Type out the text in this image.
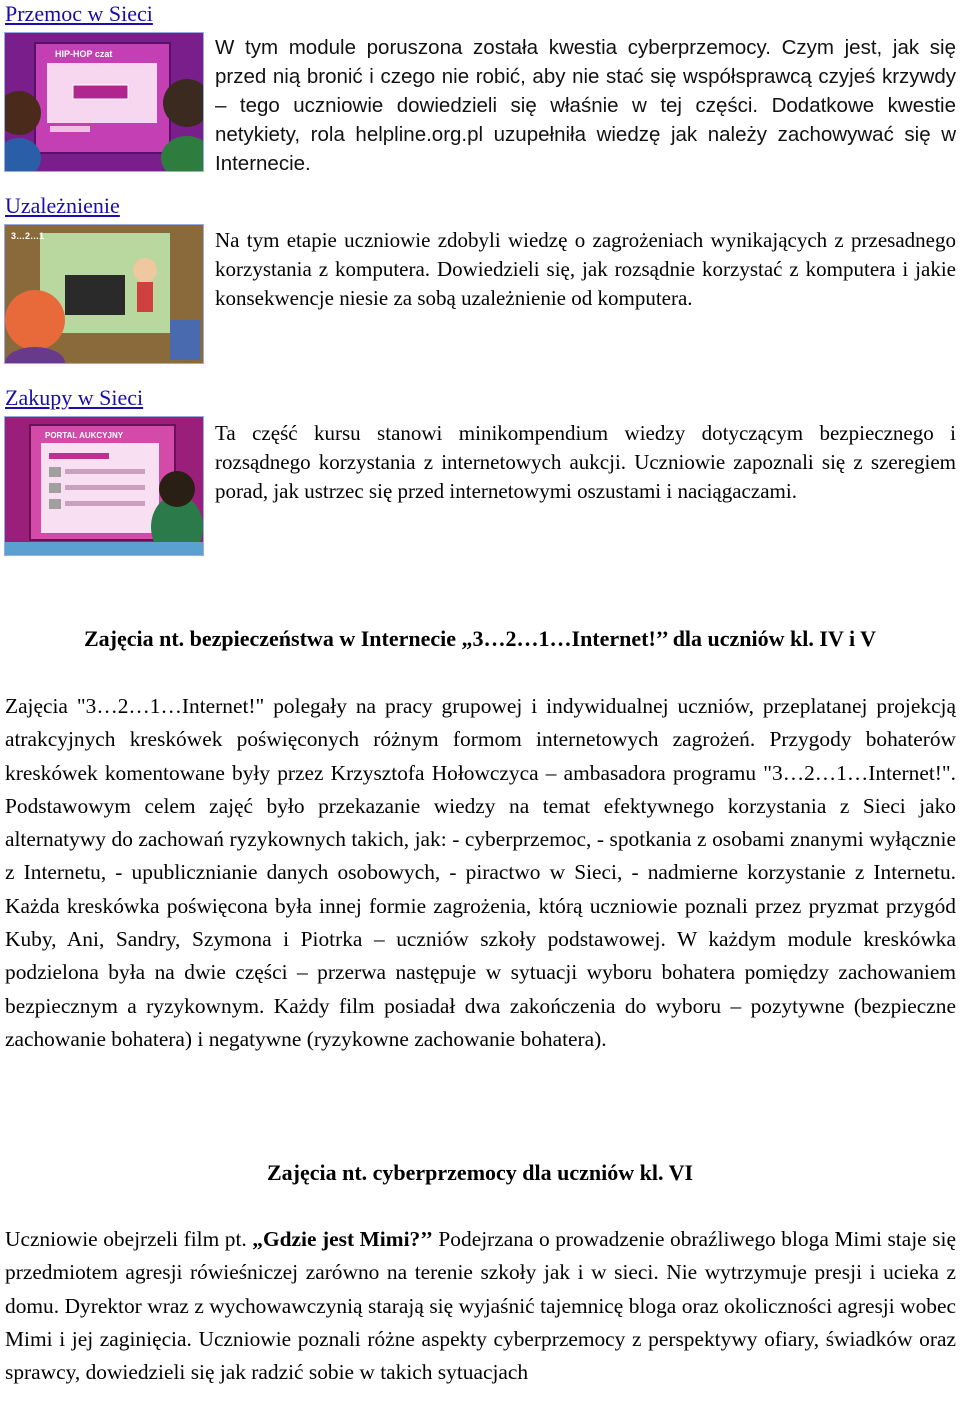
Przemoc w Sieci
HIP-HOP czat	W tym module poruszona została kwestia cyberprzemocy. Czym jest, jak się przed nią bronić i czego nie robić, aby nie stać się współsprawcą czyjeś krzywdy – tego uczniowie dowiedzieli się właśnie w tej części. Dodatkowe kwestie netykiety, rola helpline.org.pl uzupełniła wiedzę jak należy zachowywać się w Internecie.
Uzależnienie
3…2…1	Na tym etapie uczniowie zdobyli wiedzę o zagrożeniach wynikających z przesadnego korzystania z komputera. Dowiedzieli się, jak rozsądnie korzystać z komputera i jakie konsekwencje niesie za sobą uzależnienie od komputera.
Zakupy w Sieci
PORTAL AUKCYJNY	Ta część kursu stanowi minikompendium wiedzy dotyczącym bezpiecznego i rozsądnego korzystania z internetowych aukcji. Uczniowie zapoznali się z szeregiem porad, jak ustrzec się przed internetowymi oszustami i naciągaczami.
Zajęcia nt. bezpieczeństwa w Internecie „3…2…1…Internet!’’ dla uczniów kl. IV i V
Zajęcia "3…2…1…Internet!" polegały na pracy grupowej i indywidualnej uczniów, przeplatanej projekcją atrakcyjnych kreskówek poświęconych różnym formom internetowych zagrożeń. Przygody bohaterów kreskówek komentowane były przez Krzysztofa Hołowczyca – ambasadora programu "3…2…1…Internet!". Podstawowym celem zajęć było przekazanie wiedzy na temat efektywnego korzystania z Sieci jako alternatywy do zachowań ryzykownych takich, jak: - cyberprzemoc, - spotkania z osobami znanymi wyłącznie z Internetu, - upublicznianie danych osobowych, - piractwo w Sieci, - nadmierne korzystanie z Internetu. Każda kreskówka poświęcona była innej formie zagrożenia, którą uczniowie poznali przez pryzmat przygód Kuby, Ani, Sandry, Szymona i Piotrka – uczniów szkoły podstawowej. W każdym module kreskówka podzielona była na dwie części – przerwa następuje w sytuacji wyboru bohatera pomiędzy zachowaniem bezpiecznym a ryzykownym. Każdy film posiadał dwa zakończenia do wyboru – pozytywne (bezpieczne zachowanie bohatera) i negatywne (ryzykowne zachowanie bohatera).
Zajęcia nt. cyberprzemocy dla uczniów kl. VI
Uczniowie obejrzeli film pt. „Gdzie jest Mimi?’’ Podejrzana o prowadzenie obraźliwego bloga Mimi staje się przedmiotem agresji rówieśniczej zarówno na terenie szkoły jak i w sieci. Nie wytrzymuje presji i ucieka z domu. Dyrektor wraz z wychowawczynią starają się wyjaśnić tajemnicę bloga oraz okoliczności agresji wobec Mimi i jej zaginięcia. Uczniowie poznali różne aspekty cyberprzemocy z perspektywy ofiary, świadków oraz sprawcy, dowiedzieli się jak radzić sobie w takich sytuacjach
